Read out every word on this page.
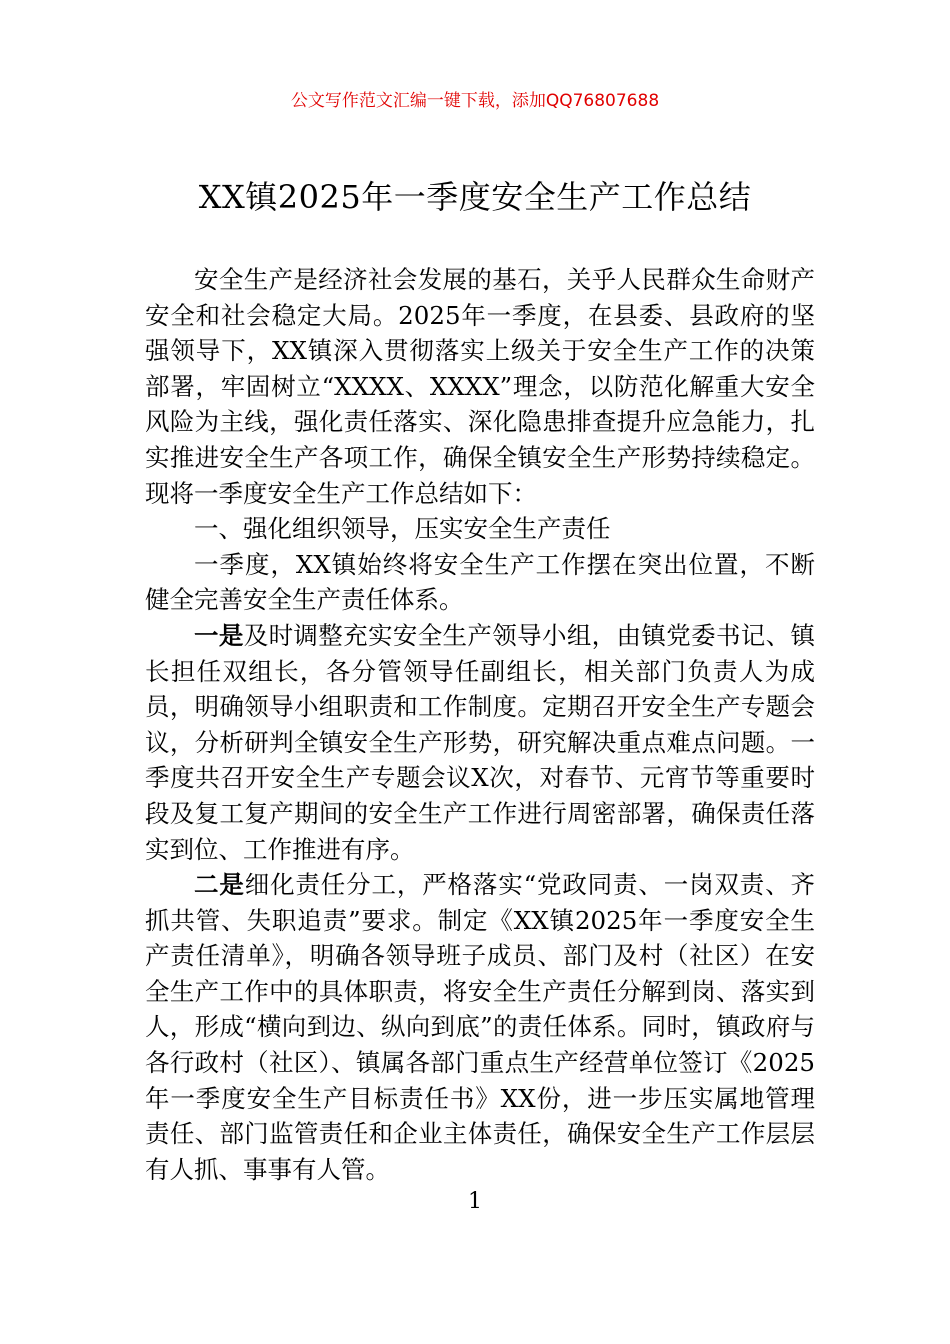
公文写作范文汇编一键下载，添加QQ76807688
XX镇2025年一季度安全生产工作总结

安全生产是经济社会发展的基石，关乎人民群众生命财产安全和社会稳定大局。2025年一季度，在县委、县政府的坚强领导下，XX镇深入贯彻落实上级关于安全生产工作的决策部署，牢固树立“XXXX、XXXX”理念，以防范化解重大安全风险为主线，强化责任落实、深化隐患排查提升应急能力，扎实推进安全生产各项工作，确保全镇安全生产形势持续稳定。现将一季度安全生产工作总结如下：

一、强化组织领导，压实安全生产责任

一季度，XX镇始终将安全生产工作摆在突出位置，不断健全完善安全生产责任体系。

一是及时调整充实安全生产领导小组，由镇党委书记、镇长担任双组长，各分管领导任副组长，相关部门负责人为成员，明确领导小组职责和工作制度。定期召开安全生产专题会议，分析研判全镇安全生产形势，研究解决重点难点问题。一季度共召开安全生产专题会议X次，对春节、元宵节等重要时段及复工复产期间的安全生产工作进行周密部署，确保责任落实到位、工作推进有序。

二是细化责任分工，严格落实“党政同责、一岗双责、齐抓共管、失职追责”要求。制定《XX镇2025年一季度安全生产责任清单》，明确各领导班子成员、部门及村（社区）在安全生产工作中的具体职责，将安全生产责任分解到岗、落实到人，形成“横向到边、纵向到底”的责任体系。同时，镇政府与各行政村（社区）、镇属各部门重点生产经营单位签订《2025年一季度安全生产目标责任书》XX份，进一步压实属地管理责任、部门监管责任和企业主体责任，确保安全生产工作层层有人抓、事事有人管。

1
